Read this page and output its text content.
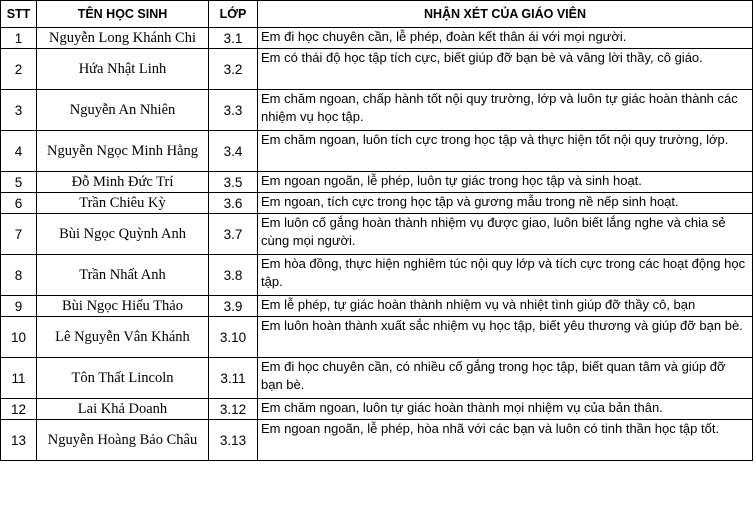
STT	TÊN HỌC SINH	LỚP	NHẬN XÉT CỦA GIÁO VIÊN
1	Nguyễn Long Khánh Chi	3.1	Em đi học chuyên cần, lễ phép, đoàn kết thân ái với mọi người.
2	Hứa Nhật Linh	3.2	Em có thái độ học tập tích cực, biết giúp đỡ bạn bè và vâng lời thầy, cô giáo.
3	Nguyễn An Nhiên	3.3	Em chăm ngoan, chấp hành tốt nội quy trường, lớp và luôn tự giác hoàn thành các nhiệm vụ học tập.
4	Nguyễn Ngọc Minh Hằng	3.4	Em chăm ngoan, luôn tích cực trong học tập và thực hiện tốt nội quy trường, lớp.
5	Đỗ Minh Đức Trí	3.5	Em ngoan ngoãn, lễ phép, luôn tự giác trong học tập và sinh hoạt.
6	Trần Chiêu Kỳ	3.6	Em ngoan, tích cực trong học tập và gương mẫu trong nề nếp sinh hoạt.
7	Bùi Ngọc Quỳnh Anh	3.7	Em luôn cố gắng hoàn thành nhiệm vụ được giao, luôn biết lắng nghe và chia sẻ cùng mọi người.
8	Trần Nhất Anh	3.8	Em hòa đồng, thực hiện nghiêm túc nội quy lớp và tích cực trong các hoạt động học tập.
9	Bùi Ngọc Hiếu Thảo	3.9	Em lễ phép, tự giác hoàn thành nhiệm vụ và nhiệt tình giúp đỡ thầy cô, bạn
10	Lê Nguyễn Vân Khánh	3.10	Em luôn hoàn thành xuất sắc nhiệm vụ học tập, biết yêu thương và giúp đỡ bạn bè.
11	Tôn Thất Lincoln	3.11	Em đi học chuyên cần, có nhiều cố gắng trong học tập, biết quan tâm và giúp đỡ bạn bè.
12	Lai Khả Doanh	3.12	Em chăm ngoan, luôn tự giác hoàn thành mọi nhiệm vụ của bản thân.
13	Nguyễn Hoàng Bảo Châu	3.13	Em ngoan ngoãn, lễ phép, hòa nhã với các bạn và luôn có tinh thần học tập tốt.
